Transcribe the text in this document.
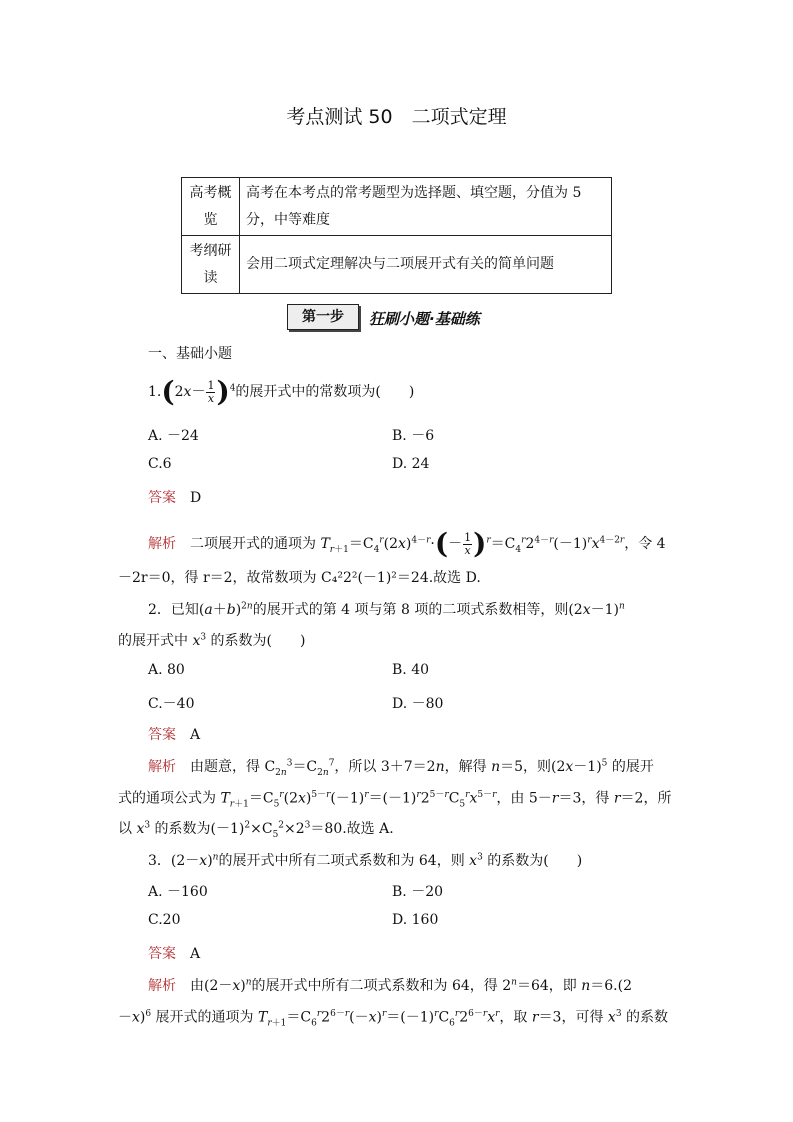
考点测试 50　二项式定理
高考概览	高考在本考点的常考题型为选择题、填空题，分值为 5 分，中等难度
考纲研读	会用二项式定理解决与二项展开式有关的简单问题
第一步	狂刷小题·基础练
一、基础小题
$1.(2x- \frac{1}{x} )^4$的展开式中的常数项为(　　)
A. －24	B. －6
C.6	D. 24
答案　 D
解析　二项展开式的通项为 $T_{r+1}=C_4^r(2x)^{4-r}\cdot(- \frac{1}{x} )^r=C_4^r2^{4-r}(-1)^rx^{4-2r}$，令 4
－2r＝0，得 r＝2，故常数项为 C₄²2²(－1)²＝24.故选 D.
2．已知$(a+b)^{2n}$的展开式的第 4 项与第 8 项的二项式系数相等，则$(2x-1)^n$
的展开式中 $x^3$ 的系数为(　　)
A. 80	B. 40
C.－40	D. －80
答案　 A
解析　由题意，得 $C_{2n}^3=C_{2n}^7$，所以 3＋7＝2n，解得 n＝5，则$(2x-1)^5$ 的展开
式的通项公式为 $T_{r+1}=C_5^r(2x)^{5-r}(-1)^r=(-1)^r2^{5-r}C_5^rx^{5-r}$，由 5－r＝3，得 r＝2，所
以 $x^3$ 的系数为$(-1)^2\times C_5^2\times 2^3=80$.故选 A.
3．$(2-x)^n$的展开式中所有二项式系数和为 64，则 $x^3$ 的系数为(　　)
A. －160	B. －20
C.20	D. 160
答案　 A
解析　由$(2-x)^n$的展开式中所有二项式系数和为 64，得 $2^n=64$，即 n＝6.(2
－x)$^6$ 展开式的通项为 $T_{r+1}=C_6^r2^{6-r}(-x)^r=(-1)^rC_6^r2^{6-r}x^r$，取 r＝3，可得 $x^3$ 的系数
